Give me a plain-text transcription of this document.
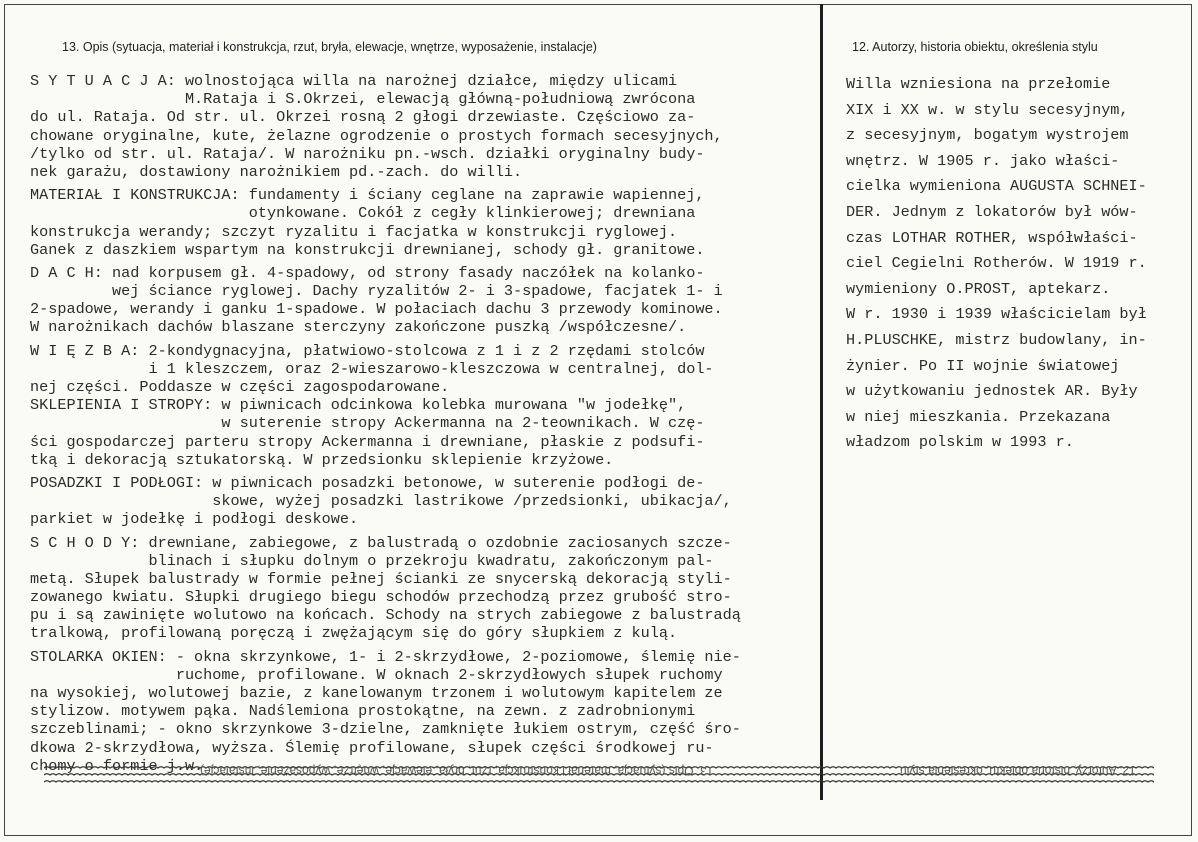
13. Opis (sytuacja, materiał i konstrukcja, rzut, bryła, elewacje, wnętrze, wyposażenie, instalacje)	12. Autorzy, historia obiektu, określenia stylu
S Y T U A C J A: wolnostojąca willa na narożnej działce, między ulicami
M.Rataja i S.Okrzei, elewacją główną-południową zwrócona
do ul. Rataja. Od str. ul. Okrzei rosną 2 głogi drzewiaste. Częściowo za-
chowane oryginalne, kute, żelazne ogrodzenie o prostych formach secesyjnych,
/tylko od str. ul. Rataja/. W narożniku pn.-wsch. działki oryginalny budy-
nek garażu, dostawiony narożnikiem pd.-zach. do willi.
MATERIAŁ I KONSTRUKCJA: fundamenty i ściany ceglane na zaprawie wapiennej,
otynkowane. Cokół z cegły klinkierowej; drewniana
konstrukcja werandy; szczyt ryzalitu i facjatka w konstrukcji ryglowej.
Ganek z daszkiem wspartym na konstrukcji drewnianej, schody gł. granitowe.
D A C H: nad korpusem gł. 4-spadowy, od strony fasady naczółek na kolanko-
wej ściance ryglowej. Dachy ryzalitów 2- i 3-spadowe, facjatek 1- i
2-spadowe, werandy i ganku 1-spadowe. W połaciach dachu 3 przewody kominowe.
W narożnikach dachów blaszane sterczyny zakończone puszką /współczesne/.
W I Ę Z B A: 2-kondygnacyjna, płatwiowo-stolcowa z 1 i z 2 rzędami stolców
i 1 kleszczem, oraz 2-wieszarowo-kleszczowa w centralnej, dol-
nej części. Poddasze w części zagospodarowane.
SKLEPIENIA I STROPY: w piwnicach odcinkowa kolebka murowana "w jodełkę",
w suterenie stropy Ackermanna na 2-teownikach. W czę-
ści gospodarczej parteru stropy Ackermanna i drewniane, płaskie z podsufi-
tką i dekoracją sztukatorską. W przedsionku sklepienie krzyżowe.
POSADZKI I PODŁOGI: w piwnicach posadzki betonowe, w suterenie podłogi de-
skowe, wyżej posadzki lastrikowe /przedsionki, ubikacja/,
parkiet w jodełkę i podłogi deskowe.
S C H O D Y: drewniane, zabiegowe, z balustradą o ozdobnie zaciosanych szcze-
blinach i słupku dolnym o przekroju kwadratu, zakończonym pal-
metą. Słupek balustrady w formie pełnej ścianki ze snycerską dekoracją styli-
zowanego kwiatu. Słupki drugiego biegu schodów przechodzą przez grubość stro-
pu i są zawinięte wolutowo na końcach. Schody na strych zabiegowe z balustradą
tralkową, profilowaną poręczą i zwężającym się do góry słupkiem z kulą.
STOLARKA OKIEN: - okna skrzynkowe, 1- i 2-skrzydłowe, 2-poziomowe, ślemię nie-
ruchome, profilowane. W oknach 2-skrzydłowych słupek ruchomy
na wysokiej, wolutowej bazie, z kanelowanym trzonem i wolutowym kapitelem ze
stylizow. motywem pąka. Nadślemiona prostokątne, na zewn. z zadrobnionymi
szczeblinami; - okno skrzynkowe 3-dzielne, zamknięte łukiem ostrym, część śro-
dkowa 2-skrzydłowa, wyższa. Ślemię profilowane, słupek części środkowej ru-
chomy o formie j.w.
Willa wzniesiona na przełomie
XIX i XX w. w stylu secesyjnym,
z secesyjnym, bogatym wystrojem
wnętrz. W 1905 r. jako właści-
cielka wymieniona AUGUSTA SCHNEI-
DER. Jednym z lokatorów był wów-
czas LOTHAR ROTHER, współwłaści-
ciel Cegielni Rotherów. W 1919 r.
wymieniony O.PROST, aptekarz.
W r. 1930 i 1939 właścicielam był
H.PLUSCHKE, mistrz budowlany, in-
żynier. Po II wojnie światowej
w użytkowaniu jednostek AR. Były
w niej mieszkania. Przekazana
władzom polskim w 1993 r.
13. Opis (sytuacja, materiał i konstrukcja, rzut, bryła, elewacje, wnętrze, wyposażenie, instalacje)	12. Autorzy, historia obiektu, określenia stylu
